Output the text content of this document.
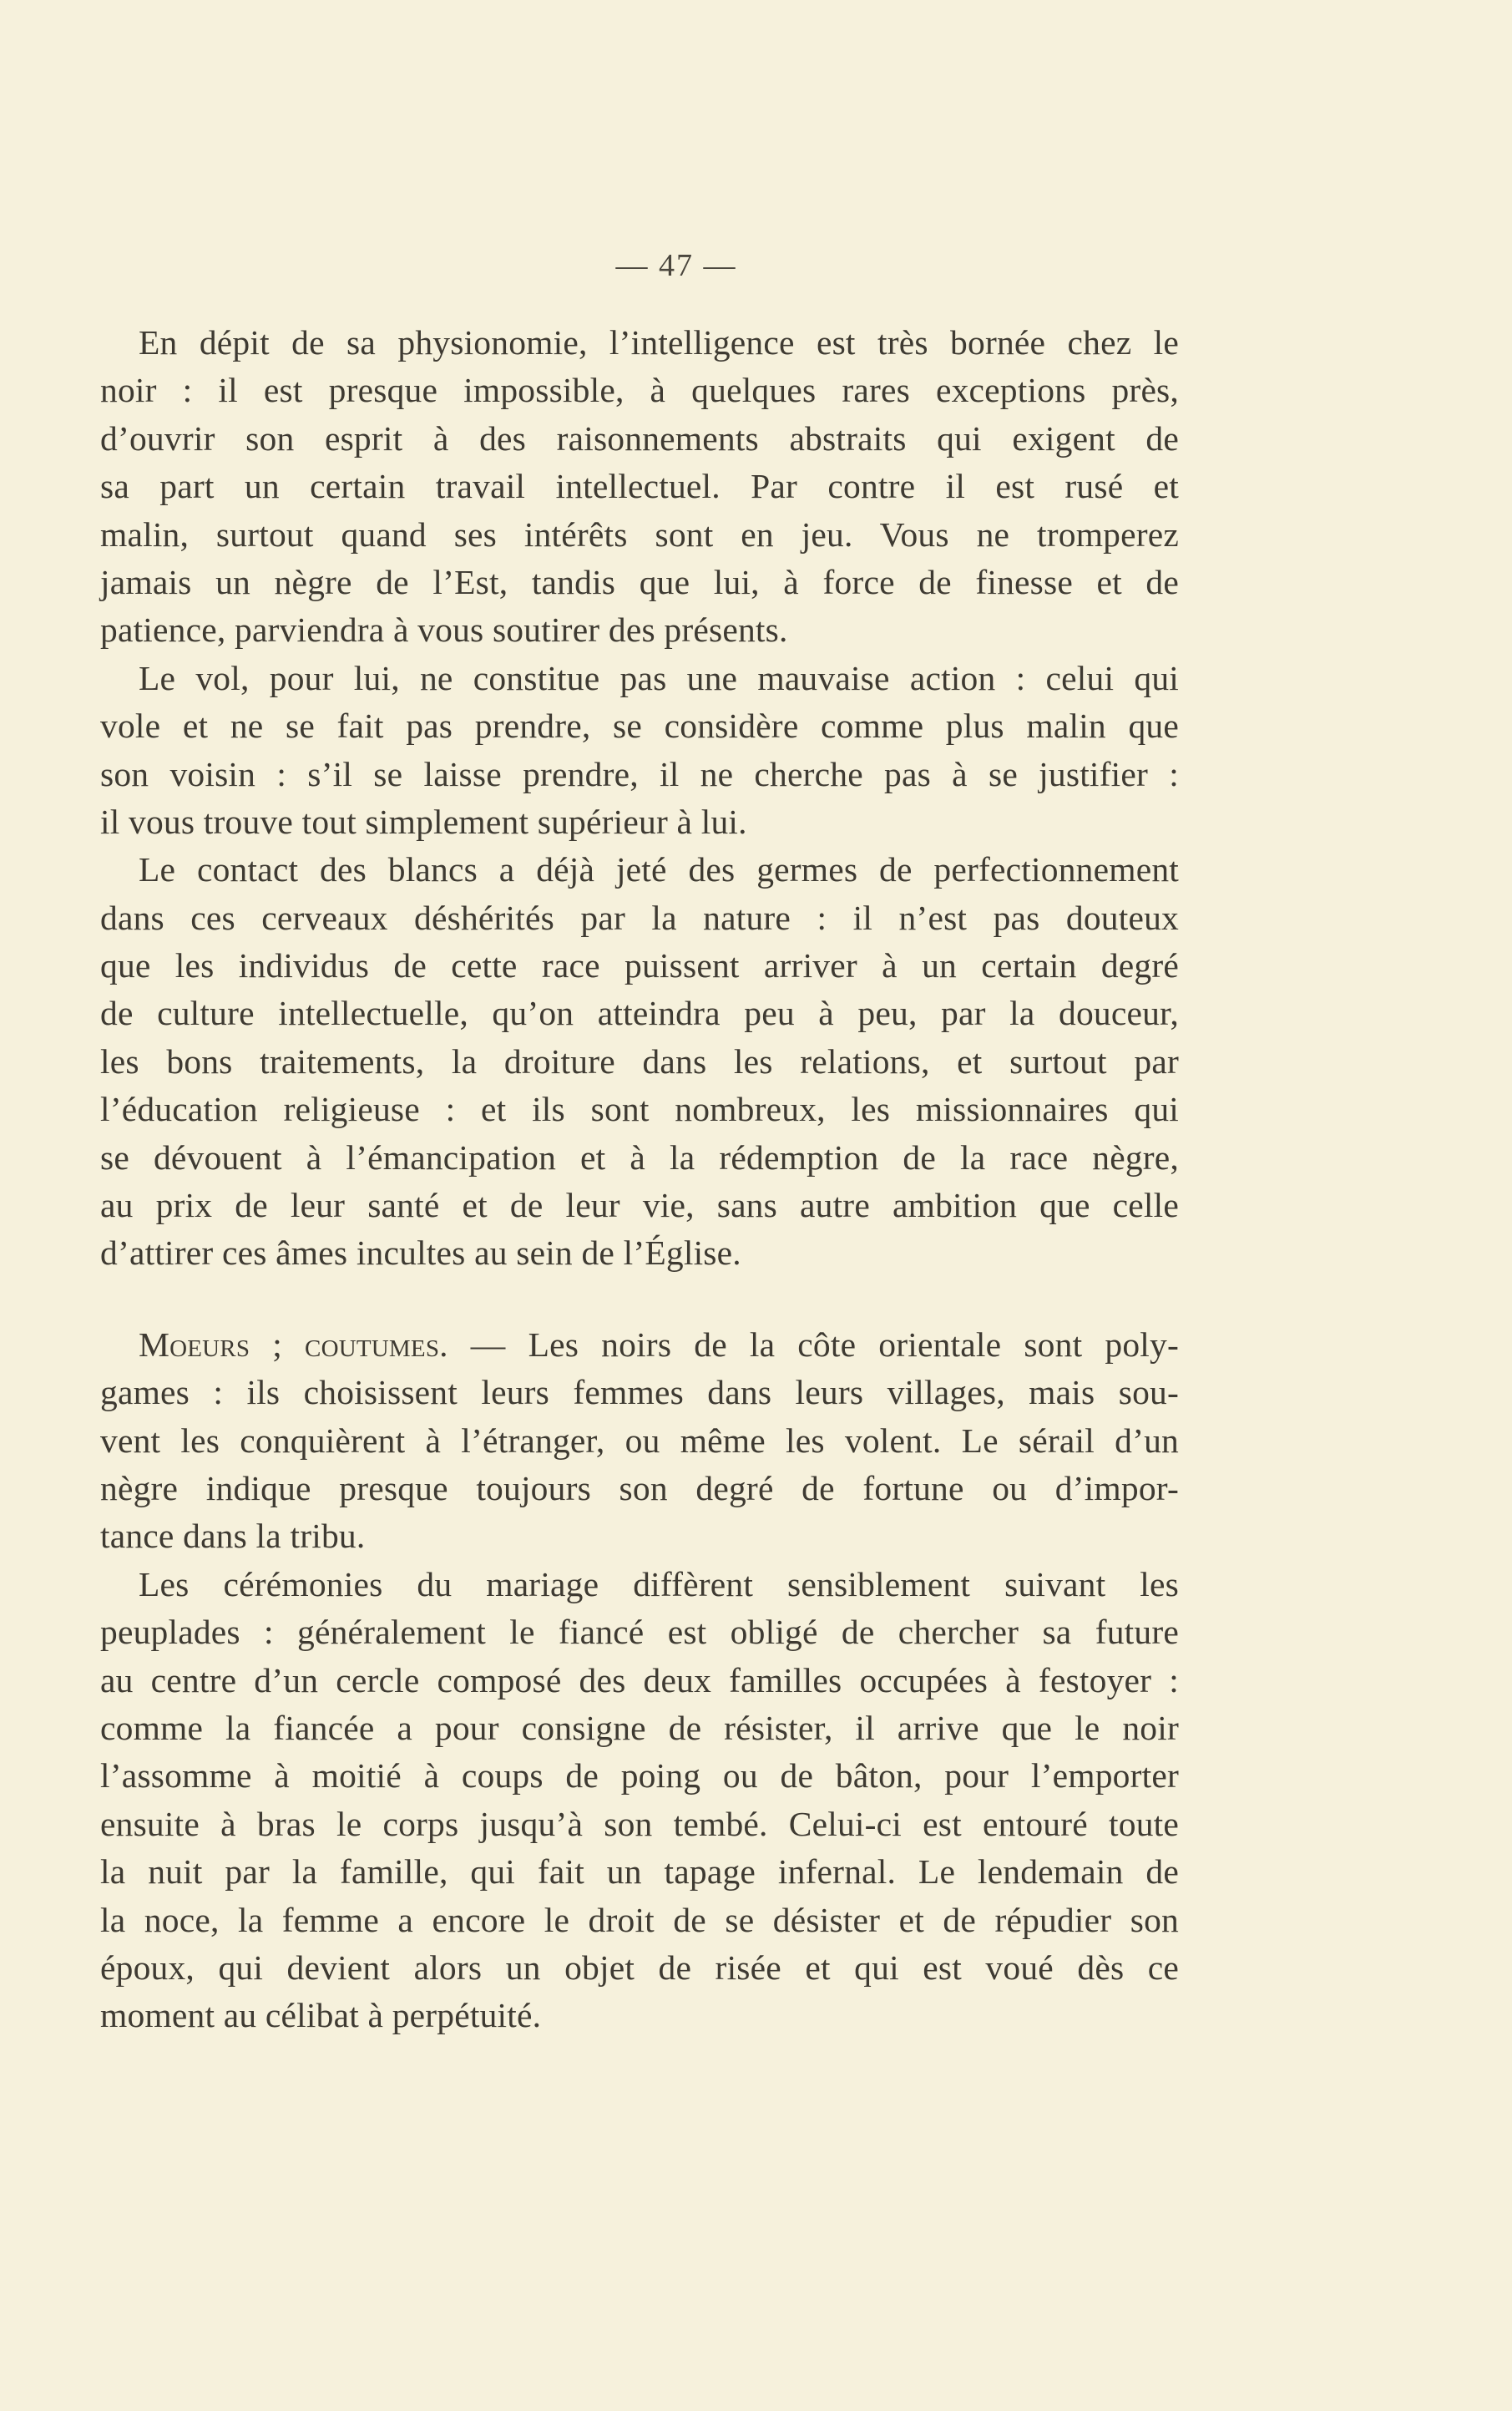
— 47 —
En dépit de sa physionomie, l’intelligence est très bornée chez le
noir : il est presque impossible, à quelques rares exceptions près,
d’ouvrir son esprit à des raisonnements abstraits qui exigent de
sa part un certain travail intellectuel. Par contre il est rusé et
malin, surtout quand ses intérêts sont en jeu. Vous ne tromperez
jamais un nègre de l’Est, tandis que lui, à force de finesse et de
patience, parviendra à vous soutirer des présents.
Le vol, pour lui, ne constitue pas une mauvaise action : celui qui
vole et ne se fait pas prendre, se considère comme plus malin que
son voisin : s’il se laisse prendre, il ne cherche pas à se justifier :
il vous trouve tout simplement supérieur à lui.
Le contact des blancs a déjà jeté des germes de perfectionnement
dans ces cerveaux déshérités par la nature : il n’est pas douteux
que les individus de cette race puissent arriver à un certain degré
de culture intellectuelle, qu’on atteindra peu à peu, par la douceur,
les bons traitements, la droiture dans les relations, et surtout par
l’éducation religieuse : et ils sont nombreux, les missionnaires qui
se dévouent à l’émancipation et à la rédemption de la race nègre,
au prix de leur santé et de leur vie, sans autre ambition que celle
d’attirer ces âmes incultes au sein de l’Église.
Moeurs ; coutumes. — Les noirs de la côte orientale sont poly-
games : ils choisissent leurs femmes dans leurs villages, mais sou-
vent les conquièrent à l’étranger, ou même les volent. Le sérail d’un
nègre indique presque toujours son degré de fortune ou d’impor-
tance dans la tribu.
Les cérémonies du mariage diffèrent sensiblement suivant les
peuplades : généralement le fiancé est obligé de chercher sa future
au centre d’un cercle composé des deux familles occupées à festoyer :
comme la fiancée a pour consigne de résister, il arrive que le noir
l’assomme à moitié à coups de poing ou de bâton, pour l’emporter
ensuite à bras le corps jusqu’à son tembé. Celui-ci est entouré toute
la nuit par la famille, qui fait un tapage infernal. Le lendemain de
la noce, la femme a encore le droit de se désister et de répudier son
époux, qui devient alors un objet de risée et qui est voué dès ce
moment au célibat à perpétuité.
